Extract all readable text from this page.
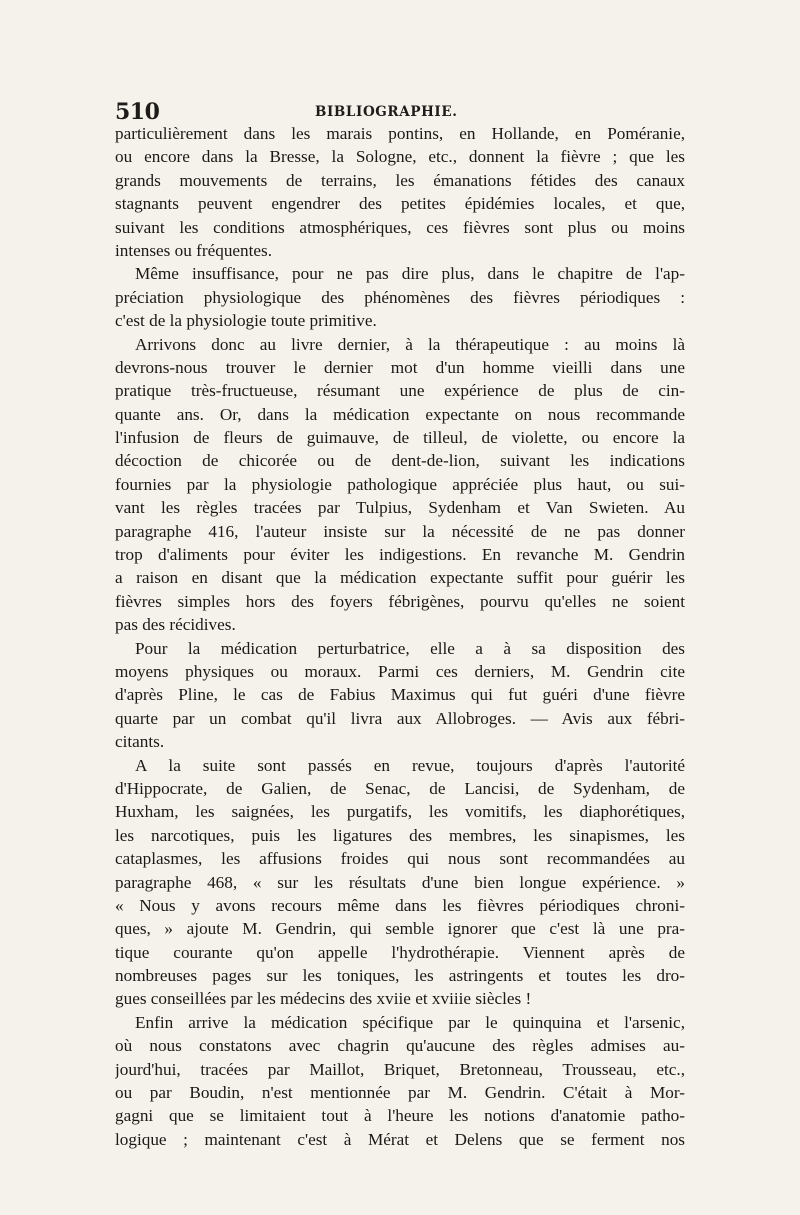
510	BIBLIOGRAPHIE.
particulièrement dans les marais pontins, en Hollande, en Poméranie,
ou encore dans la Bresse, la Sologne, etc., donnent la fièvre ; que les
grands mouvements de terrains, les émanations fétides des canaux
stagnants peuvent engendrer des petites épidémies locales, et que,
suivant les conditions atmosphériques, ces fièvres sont plus ou moins
intenses ou fréquentes.
Même insuffisance, pour ne pas dire plus, dans le chapitre de l'ap-
préciation physiologique des phénomènes des fièvres périodiques :
c'est de la physiologie toute primitive.
Arrivons donc au livre dernier, à la thérapeutique : au moins là
devrons-nous trouver le dernier mot d'un homme vieilli dans une
pratique très-fructueuse, résumant une expérience de plus de cin-
quante ans. Or, dans la médication expectante on nous recommande
l'infusion de fleurs de guimauve, de tilleul, de violette, ou encore la
décoction de chicorée ou de dent-de-lion, suivant les indications
fournies par la physiologie pathologique appréciée plus haut, ou sui-
vant les règles tracées par Tulpius, Sydenham et Van Swieten. Au
paragraphe 416, l'auteur insiste sur la nécessité de ne pas donner
trop d'aliments pour éviter les indigestions. En revanche M. Gendrin
a raison en disant que la médication expectante suffit pour guérir les
fièvres simples hors des foyers fébrigènes, pourvu qu'elles ne soient
pas des récidives.
Pour la médication perturbatrice, elle a à sa disposition des
moyens physiques ou moraux. Parmi ces derniers, M. Gendrin cite
d'après Pline, le cas de Fabius Maximus qui fut guéri d'une fièvre
quarte par un combat qu'il livra aux Allobroges. — Avis aux fébri-
citants.
A la suite sont passés en revue, toujours d'après l'autorité
d'Hippocrate, de Galien, de Senac, de Lancisi, de Sydenham, de
Huxham, les saignées, les purgatifs, les vomitifs, les diaphorétiques,
les narcotiques, puis les ligatures des membres, les sinapismes, les
cataplasmes, les affusions froides qui nous sont recommandées au
paragraphe 468, « sur les résultats d'une bien longue expérience. »
« Nous y avons recours même dans les fièvres périodiques chroni-
ques, » ajoute M. Gendrin, qui semble ignorer que c'est là une pra-
tique courante qu'on appelle l'hydrothérapie. Viennent après de
nombreuses pages sur les toniques, les astringents et toutes les dro-
gues conseillées par les médecins des xviie et xviiie siècles !
Enfin arrive la médication spécifique par le quinquina et l'arsenic,
où nous constatons avec chagrin qu'aucune des règles admises au-
jourd'hui, tracées par Maillot, Briquet, Bretonneau, Trousseau, etc.,
ou par Boudin, n'est mentionnée par M. Gendrin. C'était à Mor-
gagni que se limitaient tout à l'heure les notions d'anatomie patho-
logique ; maintenant c'est à Mérat et Delens que se ferment nos
